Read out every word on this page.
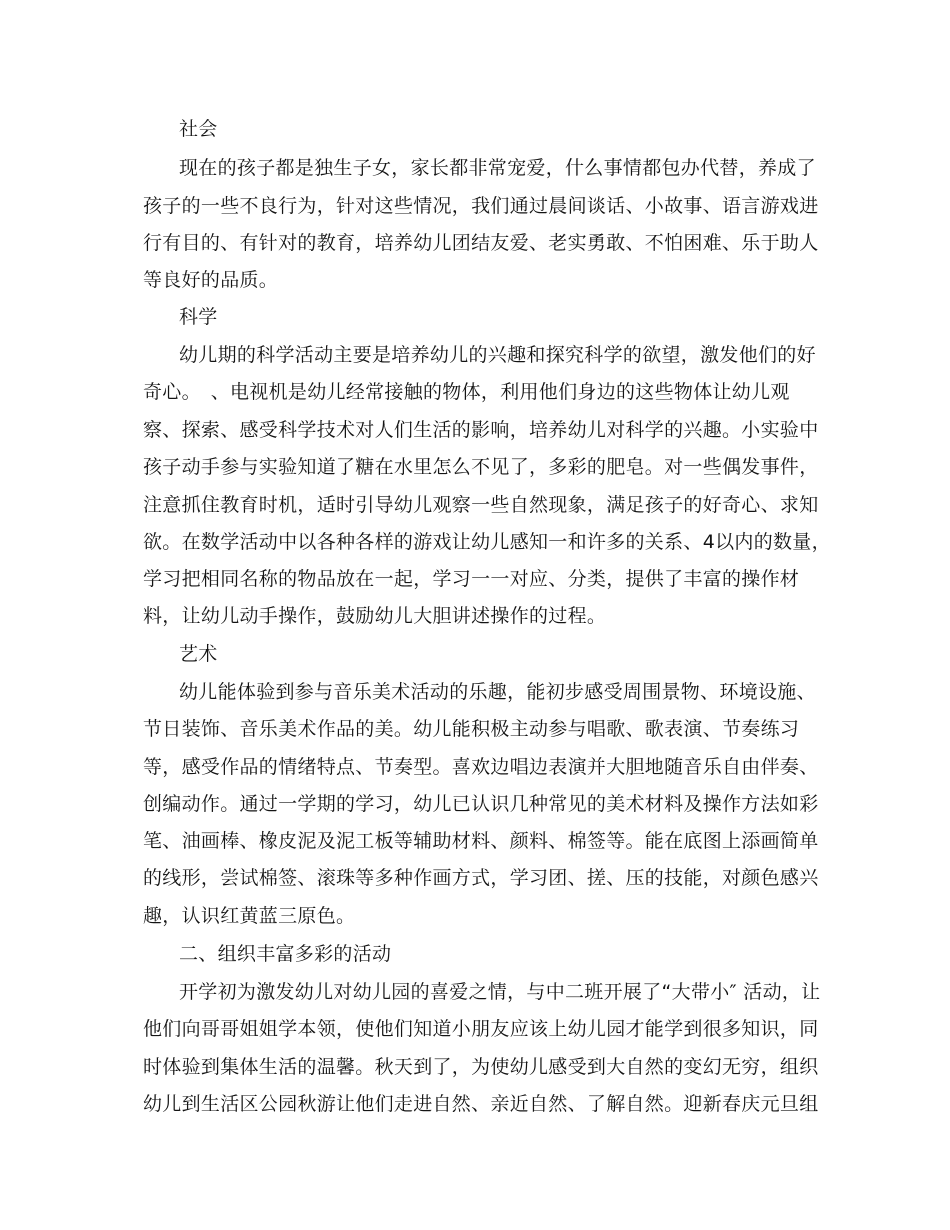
社会
现在的孩子都是独生子女，家长都非常宠爱，什么事情都包办代替，养成了
孩子的一些不良行为，针对这些情况，我们通过晨间谈话、小故事、语言游戏进
行有目的、有针对的教育，培养幼儿团结友爱、老实勇敢、不怕困难、乐于助人
等良好的品质。
科学
幼儿期的科学活动主要是培养幼儿的兴趣和探究科学的欲望，激发他们的好
奇心。　、电视机是幼儿经常接触的物体，利用他们身边的这些物体让幼儿观
察、探索、感受科学技术对人们生活的影响，培养幼儿对科学的兴趣。小实验中
孩子动手参与实验知道了糖在水里怎么不见了，多彩的肥皂。对一些偶发事件，
注意抓住教育时机，适时引导幼儿观察一些自然现象，满足孩子的好奇心、求知
欲。在数学活动中以各种各样的游戏让幼儿感知一和许多的关系、4以内的数量，
学习把相同名称的物品放在一起，学习一一对应、分类，提供了丰富的操作材
料，让幼儿动手操作，鼓励幼儿大胆讲述操作的过程。
艺术
幼儿能体验到参与音乐美术活动的乐趣，能初步感受周围景物、环境设施、
节日装饰、音乐美术作品的美。幼儿能积极主动参与唱歌、歌表演、节奏练习
等，感受作品的情绪特点、节奏型。喜欢边唱边表演并大胆地随音乐自由伴奏、
创编动作。通过一学期的学习，幼儿已认识几种常见的美术材料及操作方法如彩
笔、油画棒、橡皮泥及泥工板等辅助材料、颜料、棉签等。能在底图上添画简单
的线形，尝试棉签、滚珠等多种作画方式，学习团、搓、压的技能，对颜色感兴
趣，认识红黄蓝三原色。
二、组织丰富多彩的活动
开学初为激发幼儿对幼儿园的喜爱之情，与中二班开展了“大带小″ 活动，让
他们向哥哥姐姐学本领，使他们知道小朋友应该上幼儿园才能学到很多知识，同
时体验到集体生活的温馨。秋天到了，为使幼儿感受到大自然的变幻无穷，组织
幼儿到生活区公园秋游让他们走进自然、亲近自然、了解自然。迎新春庆元旦组
